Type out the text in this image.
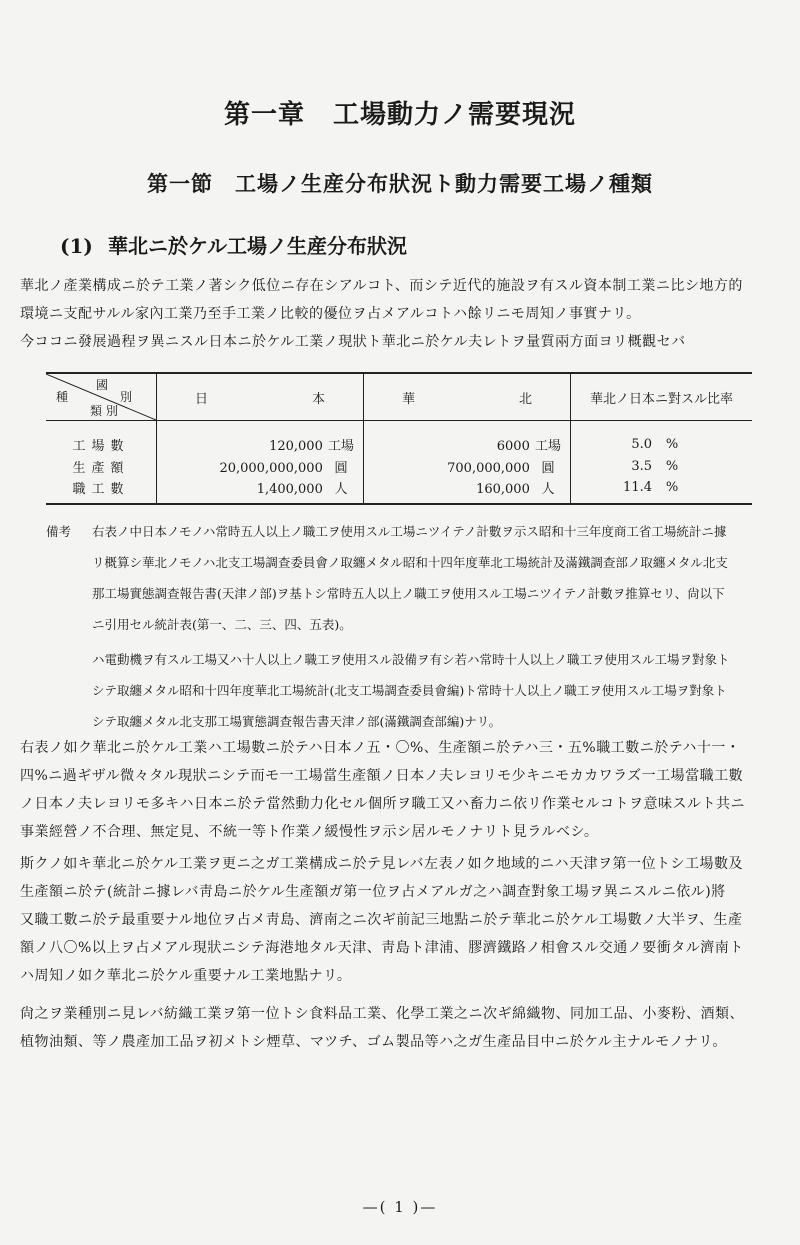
第一章 工場動力ノ需要現況
第一節 工場ノ生産分布狀況ト動力需要工場ノ種類
(1) 華北ニ於ケル工場ノ生産分布狀況
華北ノ產業構成ニ於テ工業ノ著シク低位ニ存在シアルコト、而シテ近代的施設ヲ有スル資本制工業ニ比シ地方的
環境ニ支配サルル家內工業乃至手工業ノ比較的優位ヲ占メアルコトハ餘リニモ周知ノ事實ナリ。
今ココニ發展過程ヲ異ニスル日本ニ於ケル工業ノ現狀ト華北ニ於ケル夫レトヲ量質兩方面ヨリ概觀セバ
國
別
種
類 別	日 本	華 北	華北ノ日本ニ對スル比率
工場數	120,000 工場	6000 工場	5.0 %
生產額	20,000,000,000 圓	700,000,000 圓	3.5 %
職工數	1,400,000 人	160,000 人	11.4 %
備考 右表ノ中日本ノモノハ常時五人以上ノ職工ヲ使用スル工場ニツイテノ計數ヲ示ス昭和十三年度商工省工場統計ニ據
リ概算シ華北ノモノハ北支工場調查委員會ノ取纏メタル昭和十四年度華北工場統計及滿鐵調查部ノ取纏メタル北支
那工場實態調查報告書(天津ノ部)ヲ基トシ常時五人以上ノ職工ヲ使用スル工場ニツイテノ計數ヲ推算セリ、尙以下
ニ引用セル統計表(第一、二、三、四、五表)。
ハ電動機ヲ有スル工場又ハ十人以上ノ職工ヲ使用スル設備ヲ有シ若ハ常時十人以上ノ職工ヲ使用スル工場ヲ對象ト
シテ取纏メタル昭和十四年度華北工場統計(北支工場調查委員會編)ト常時十人以上ノ職工ヲ使用スル工場ヲ對象ト
シテ取纏メタル北支那工場實態調查報告書天津ノ部(滿鐵調查部編)ナリ。
右表ノ如ク華北ニ於ケル工業ハ工場數ニ於テハ日本ノ五・〇%、生產額ニ於テハ三・五%職工數ニ於テハ十一・
四%ニ過ギザル微々タル現狀ニシテ而モ一工場當生產額ノ日本ノ夫レヨリモ少キニモカカワラズ一工場當職工數
ノ日本ノ夫レヨリモ多キハ日本ニ於テ當然動力化セル個所ヲ職工又ハ畜力ニ依リ作業セルコトヲ意味スルト共ニ
事業經營ノ不合理、無定見、不統一等ト作業ノ緩慢性ヲ示シ居ルモノナリト見ラルベシ。
斯クノ如キ華北ニ於ケル工業ヲ更ニ之ガ工業構成ニ於テ見レバ左表ノ如ク地域的ニハ天津ヲ第一位トシ工場數及
生產額ニ於テ(統計ニ據レバ靑島ニ於ケル生產額ガ第一位ヲ占メアルガ之ハ調查對象工場ヲ異ニスルニ依ル)將
又職工數ニ於テ最重要ナル地位ヲ占メ靑島、濟南之ニ次ギ前記三地點ニ於テ華北ニ於ケル工場數ノ大半ヲ、生產
額ノ八〇%以上ヲ占メアル現狀ニシテ海港地タル天津、靑島ト津浦、膠濟鐵路ノ相會スル交通ノ要衝タル濟南ト
ハ周知ノ如ク華北ニ於ケル重要ナル工業地點ナリ。
尙之ヲ業種別ニ見レバ紡織工業ヲ第一位トシ食料品工業、化學工業之ニ次ギ綿織物、同加工品、小麥粉、酒類、
植物油類、等ノ農產加工品ヲ初メトシ煙草、マツチ、ゴム製品等ハ之ガ生產品目中ニ於ケル主ナルモノナリ。
—( 1 )—
